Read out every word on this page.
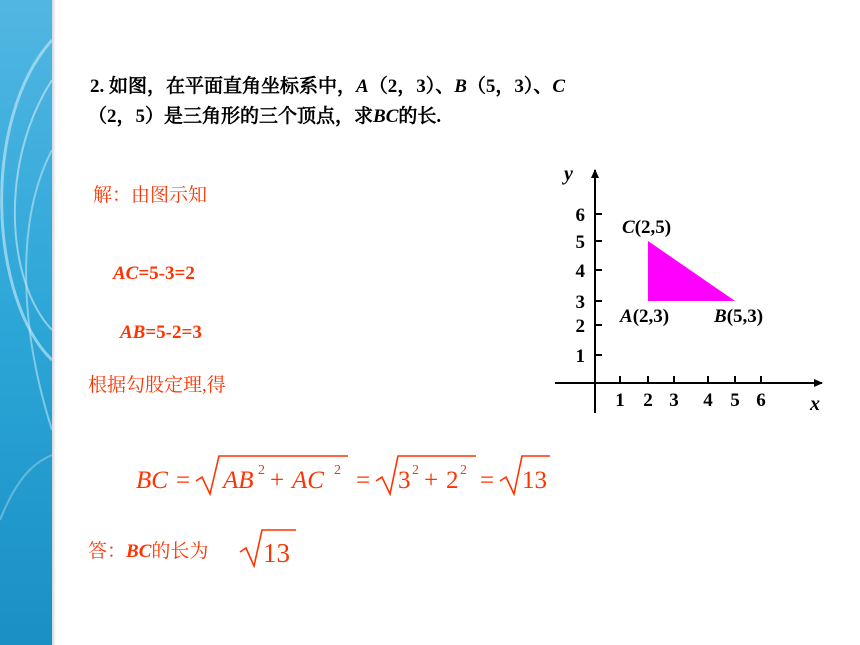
2. 如图，在平面直角坐标系中，A（2，3）、B（5，3）、C
（2，5）是三角形的三个顶点，求BC的长.
解：由图示知
AC=5-3=2
AB=5-2=3
根据勾股定理,得
BC = AB 2 + AC 2 = 3 2 + 2 2 = 13
答：BC的长为 13
x
y
1 2 3 4 5 6
1
2
3
4
5
6
A(2,3) B(5,3)
C(2,5)
